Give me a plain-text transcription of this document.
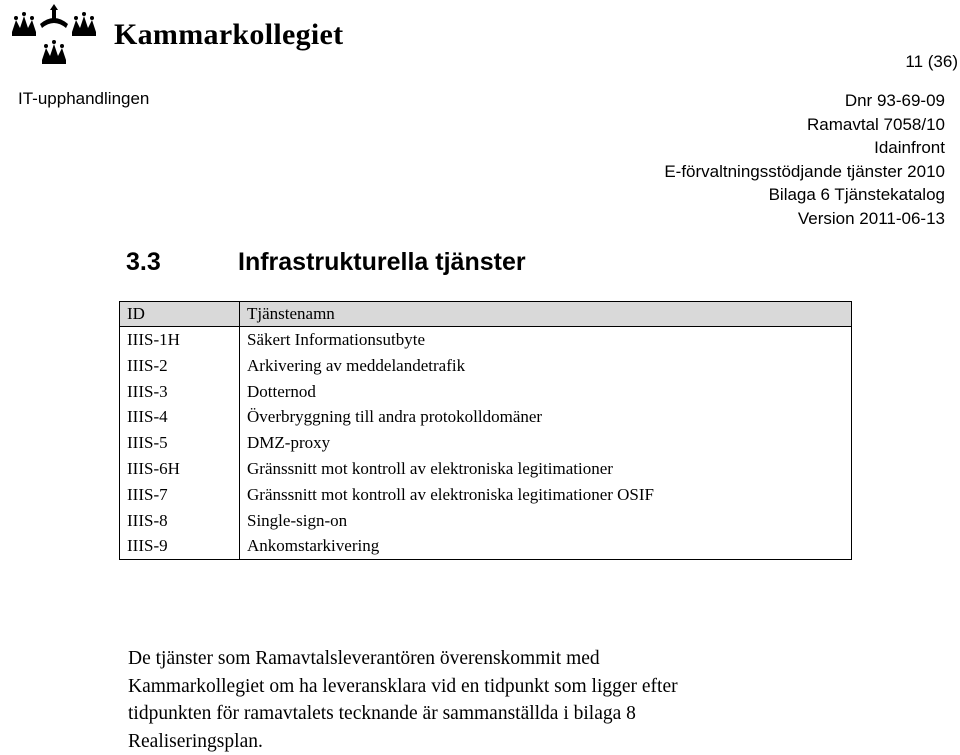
Kammarkollegiet
11 (36)
IT-upphandlingen	Dnr 93-69-09
Ramavtal 7058/10
Idainfront
E-förvaltningsstödjande tjänster 2010
Bilaga 6 Tjänstekatalog
Version 2011-06-13
3.3	Infrastrukturella tjänster
ID	Tjänstenamn
IIIS-1H	Säkert Informationsutbyte
IIIS-2	Arkivering av meddelandetrafik
IIIS-3	Dotternod
IIIS-4	Överbryggning till andra protokolldomäner
IIIS-5	DMZ-proxy
IIIS-6H	Gränssnitt mot kontroll av elektroniska legitimationer
IIIS-7	Gränssnitt mot kontroll av elektroniska legitimationer OSIF
IIIS-8	Single-sign-on
IIIS-9	Ankomstarkivering
De tjänster som Ramavtalsleverantören överenskommit med
Kammarkollegiet om ha leveransklara vid en tidpunkt som ligger efter
tidpunkten för ramavtalets tecknande är sammanställda i bilaga 8
Realiseringsplan.
